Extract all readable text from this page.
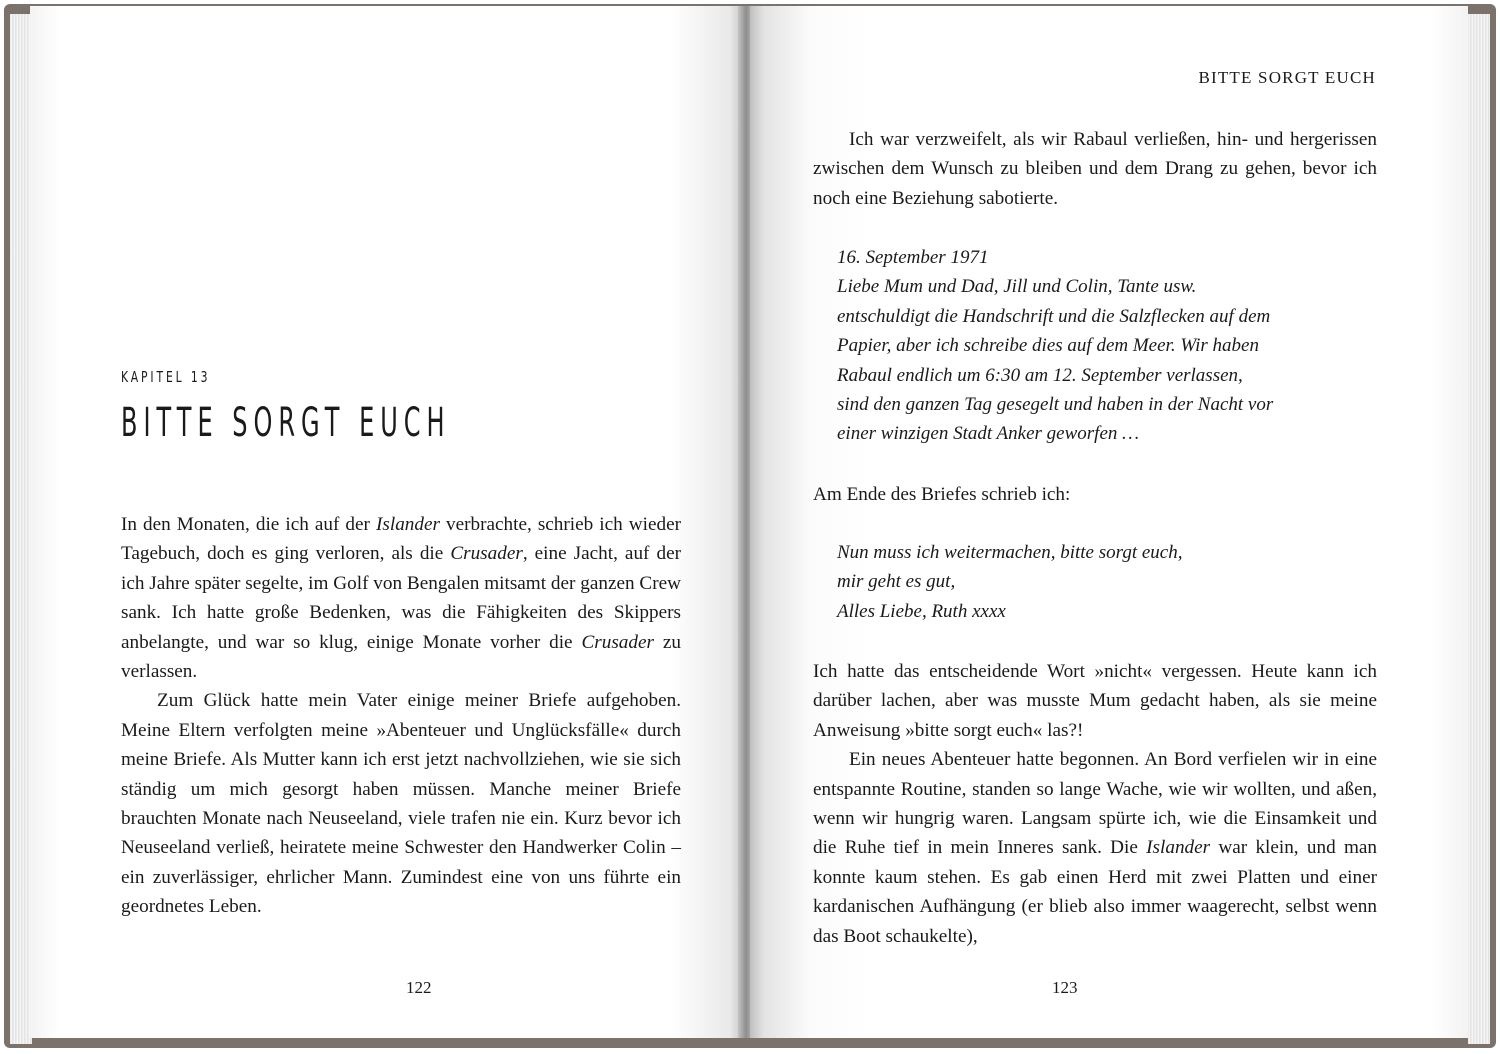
KAPITEL 13
BITTE SORGT EUCH

In den Monaten, die ich auf der Islander verbrachte, schrieb ich wieder Tagebuch, doch es ging verloren, als die Crusader, eine Jacht, auf der ich Jahre später segelte, im Golf von Bengalen mitsamt der ganzen Crew sank. Ich hatte große Bedenken, was die Fähigkeiten des Skippers anbelangte, und war so klug, einige Monate vorher die Crusader zu verlassen.

Zum Glück hatte mein Vater einige meiner Briefe aufgehoben. Meine Eltern verfolgten meine »Abenteuer und Unglücksfälle« durch meine Briefe. Als Mutter kann ich erst jetzt nachvollziehen, wie sie sich ständig um mich gesorgt haben müssen. Manche meiner Briefe brauchten Monate nach Neuseeland, viele trafen nie ein. Kurz bevor ich Neuseeland verließ, heiratete meine Schwester den Handwerker Colin – ein zuverlässiger, ehrlicher Mann. Zumindest eine von uns führte ein geordnetes Leben.

122
BITTE SORGT EUCH

Ich war verzweifelt, als wir Rabaul verließen, hin- und hergerissen zwischen dem Wunsch zu bleiben und dem Drang zu gehen, bevor ich noch eine Beziehung sabotierte.

16. September 1971

Liebe Mum und Dad, Jill und Colin, Tante usw.

entschuldigt die Handschrift und die Salzflecken auf dem

Papier, aber ich schreibe dies auf dem Meer. Wir haben

Rabaul endlich um 6:30 am 12. September verlassen,

sind den ganzen Tag gesegelt und haben in der Nacht vor

einer winzigen Stadt Anker geworfen …

Am Ende des Briefes schrieb ich:

Nun muss ich weitermachen, bitte sorgt euch,

mir geht es gut,

Alles Liebe, Ruth xxxx

Ich hatte das entscheidende Wort »nicht« vergessen. Heute kann ich darüber lachen, aber was musste Mum gedacht haben, als sie meine Anweisung »bitte sorgt euch« las?!

Ein neues Abenteuer hatte begonnen. An Bord verfielen wir in eine entspannte Routine, standen so lange Wache, wie wir wollten, und aßen, wenn wir hungrig waren. Langsam spürte ich, wie die Einsamkeit und die Ruhe tief in mein Inneres sank. Die Islander war klein, und man konnte kaum stehen. Es gab einen Herd mit zwei Platten und einer kardanischen Aufhängung (er blieb also immer waagerecht, selbst wenn das Boot schaukelte),

123
